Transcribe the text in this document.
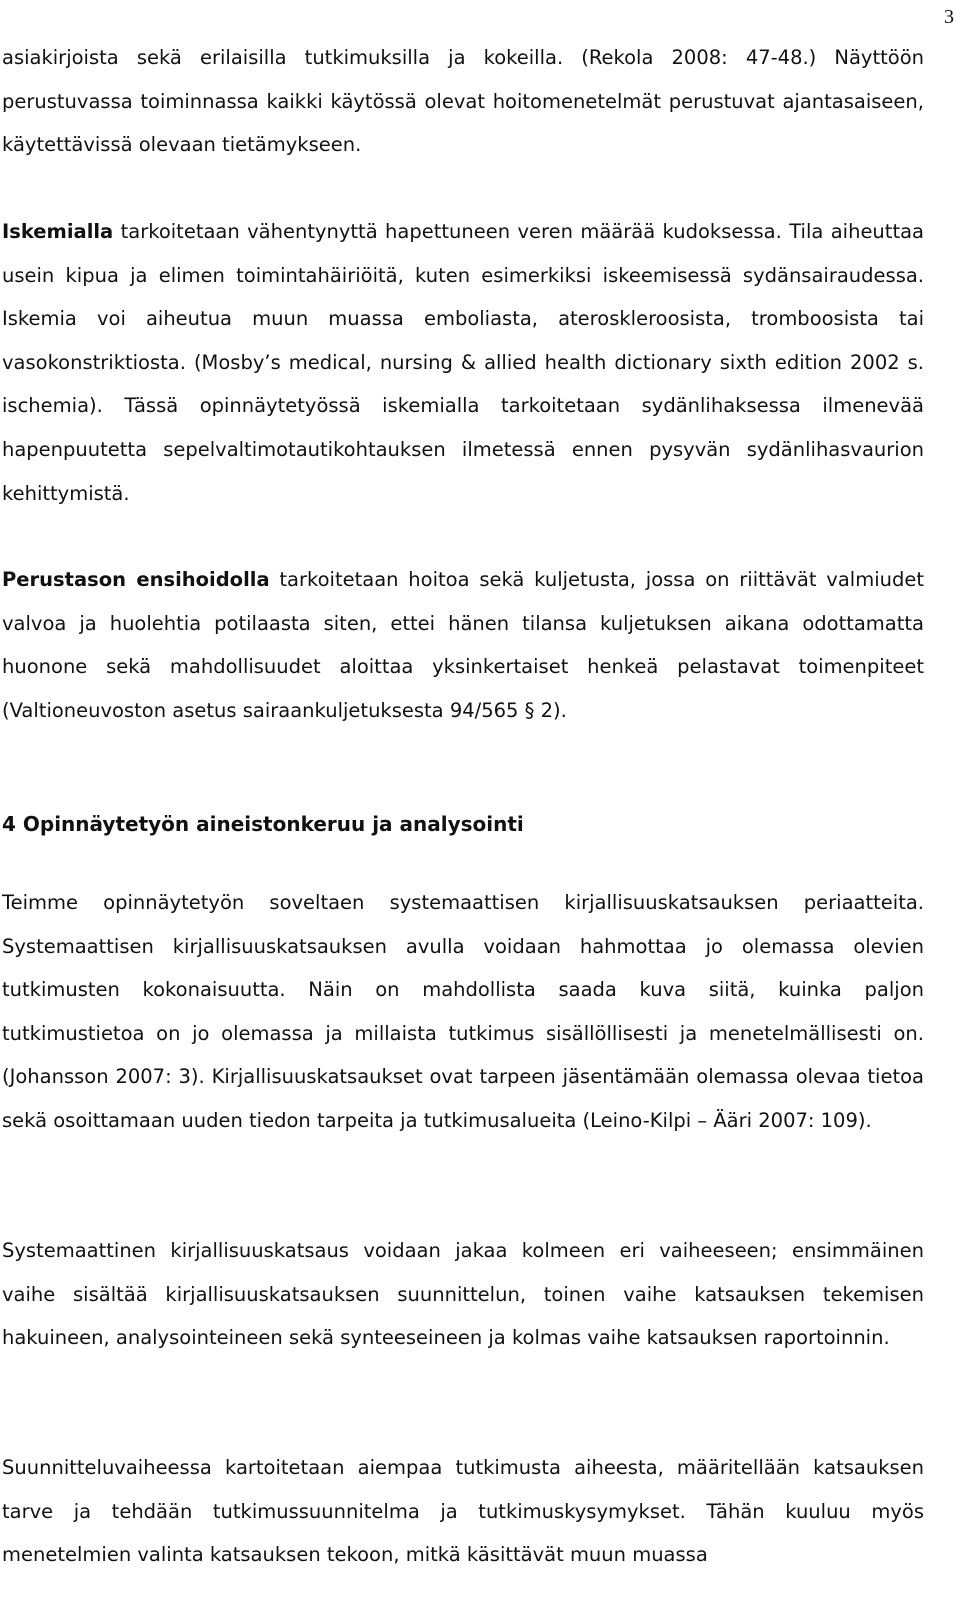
3

asiakirjoista sekä erilaisilla tutkimuksilla ja kokeilla. (Rekola 2008: 47-48.) Näyttöön perustuvassa toiminnassa kaikki käytössä olevat hoitomenetelmät perustuvat ajantasaiseen, käytettävissä olevaan tietämykseen.

Iskemialla tarkoitetaan vähentynyttä hapettuneen veren määrää kudoksessa. Tila aiheuttaa usein kipua ja elimen toimintahäiriöitä, kuten esimerkiksi iskeemisessä sydänsairaudessa. Iskemia voi aiheutua muun muassa emboliasta, ateroskleroosista, tromboosista tai vasokonstriktiosta. (Mosby’s medical, nursing & allied health dictionary sixth edition 2002 s. ischemia). Tässä opinnäytetyössä iskemialla tarkoitetaan sydänlihaksessa ilmenevää hapenpuutetta sepelvaltimotautikohtauksen ilmetessä ennen pysyvän sydänlihasvaurion kehittymistä.

Perustason ensihoidolla tarkoitetaan hoitoa sekä kuljetusta, jossa on riittävät valmiudet valvoa ja huolehtia potilaasta siten, ettei hänen tilansa kuljetuksen aikana odottamatta huonone sekä mahdollisuudet aloittaa yksinkertaiset henkeä pelastavat toimenpiteet (Valtioneuvoston asetus sairaankuljetuksesta 94/565 § 2).

4 Opinnäytetyön aineistonkeruu ja analysointi

Teimme opinnäytetyön soveltaen systemaattisen kirjallisuuskatsauksen periaatteita. Systemaattisen kirjallisuuskatsauksen avulla voidaan hahmottaa jo olemassa olevien tutkimusten kokonaisuutta. Näin on mahdollista saada kuva siitä, kuinka paljon tutkimustietoa on jo olemassa ja millaista tutkimus sisällöllisesti ja menetelmällisesti on. (Johansson 2007: 3). Kirjallisuuskatsaukset ovat tarpeen jäsentämään olemassa olevaa tietoa sekä osoittamaan uuden tiedon tarpeita ja tutkimusalueita (Leino-Kilpi – Ääri 2007: 109).

Systemaattinen kirjallisuuskatsaus voidaan jakaa kolmeen eri vaiheeseen; ensimmäinen vaihe sisältää kirjallisuuskatsauksen suunnittelun, toinen vaihe katsauksen tekemisen hakuineen, analysointeineen sekä synteeseineen ja kolmas vaihe katsauksen raportoinnin.

Suunnitteluvaiheessa kartoitetaan aiempaa tutkimusta aiheesta, määritellään katsauksen tarve ja tehdään tutkimussuunnitelma ja tutkimuskysymykset. Tähän kuuluu myös menetelmien valinta katsauksen tekoon, mitkä käsittävät muun muassa
